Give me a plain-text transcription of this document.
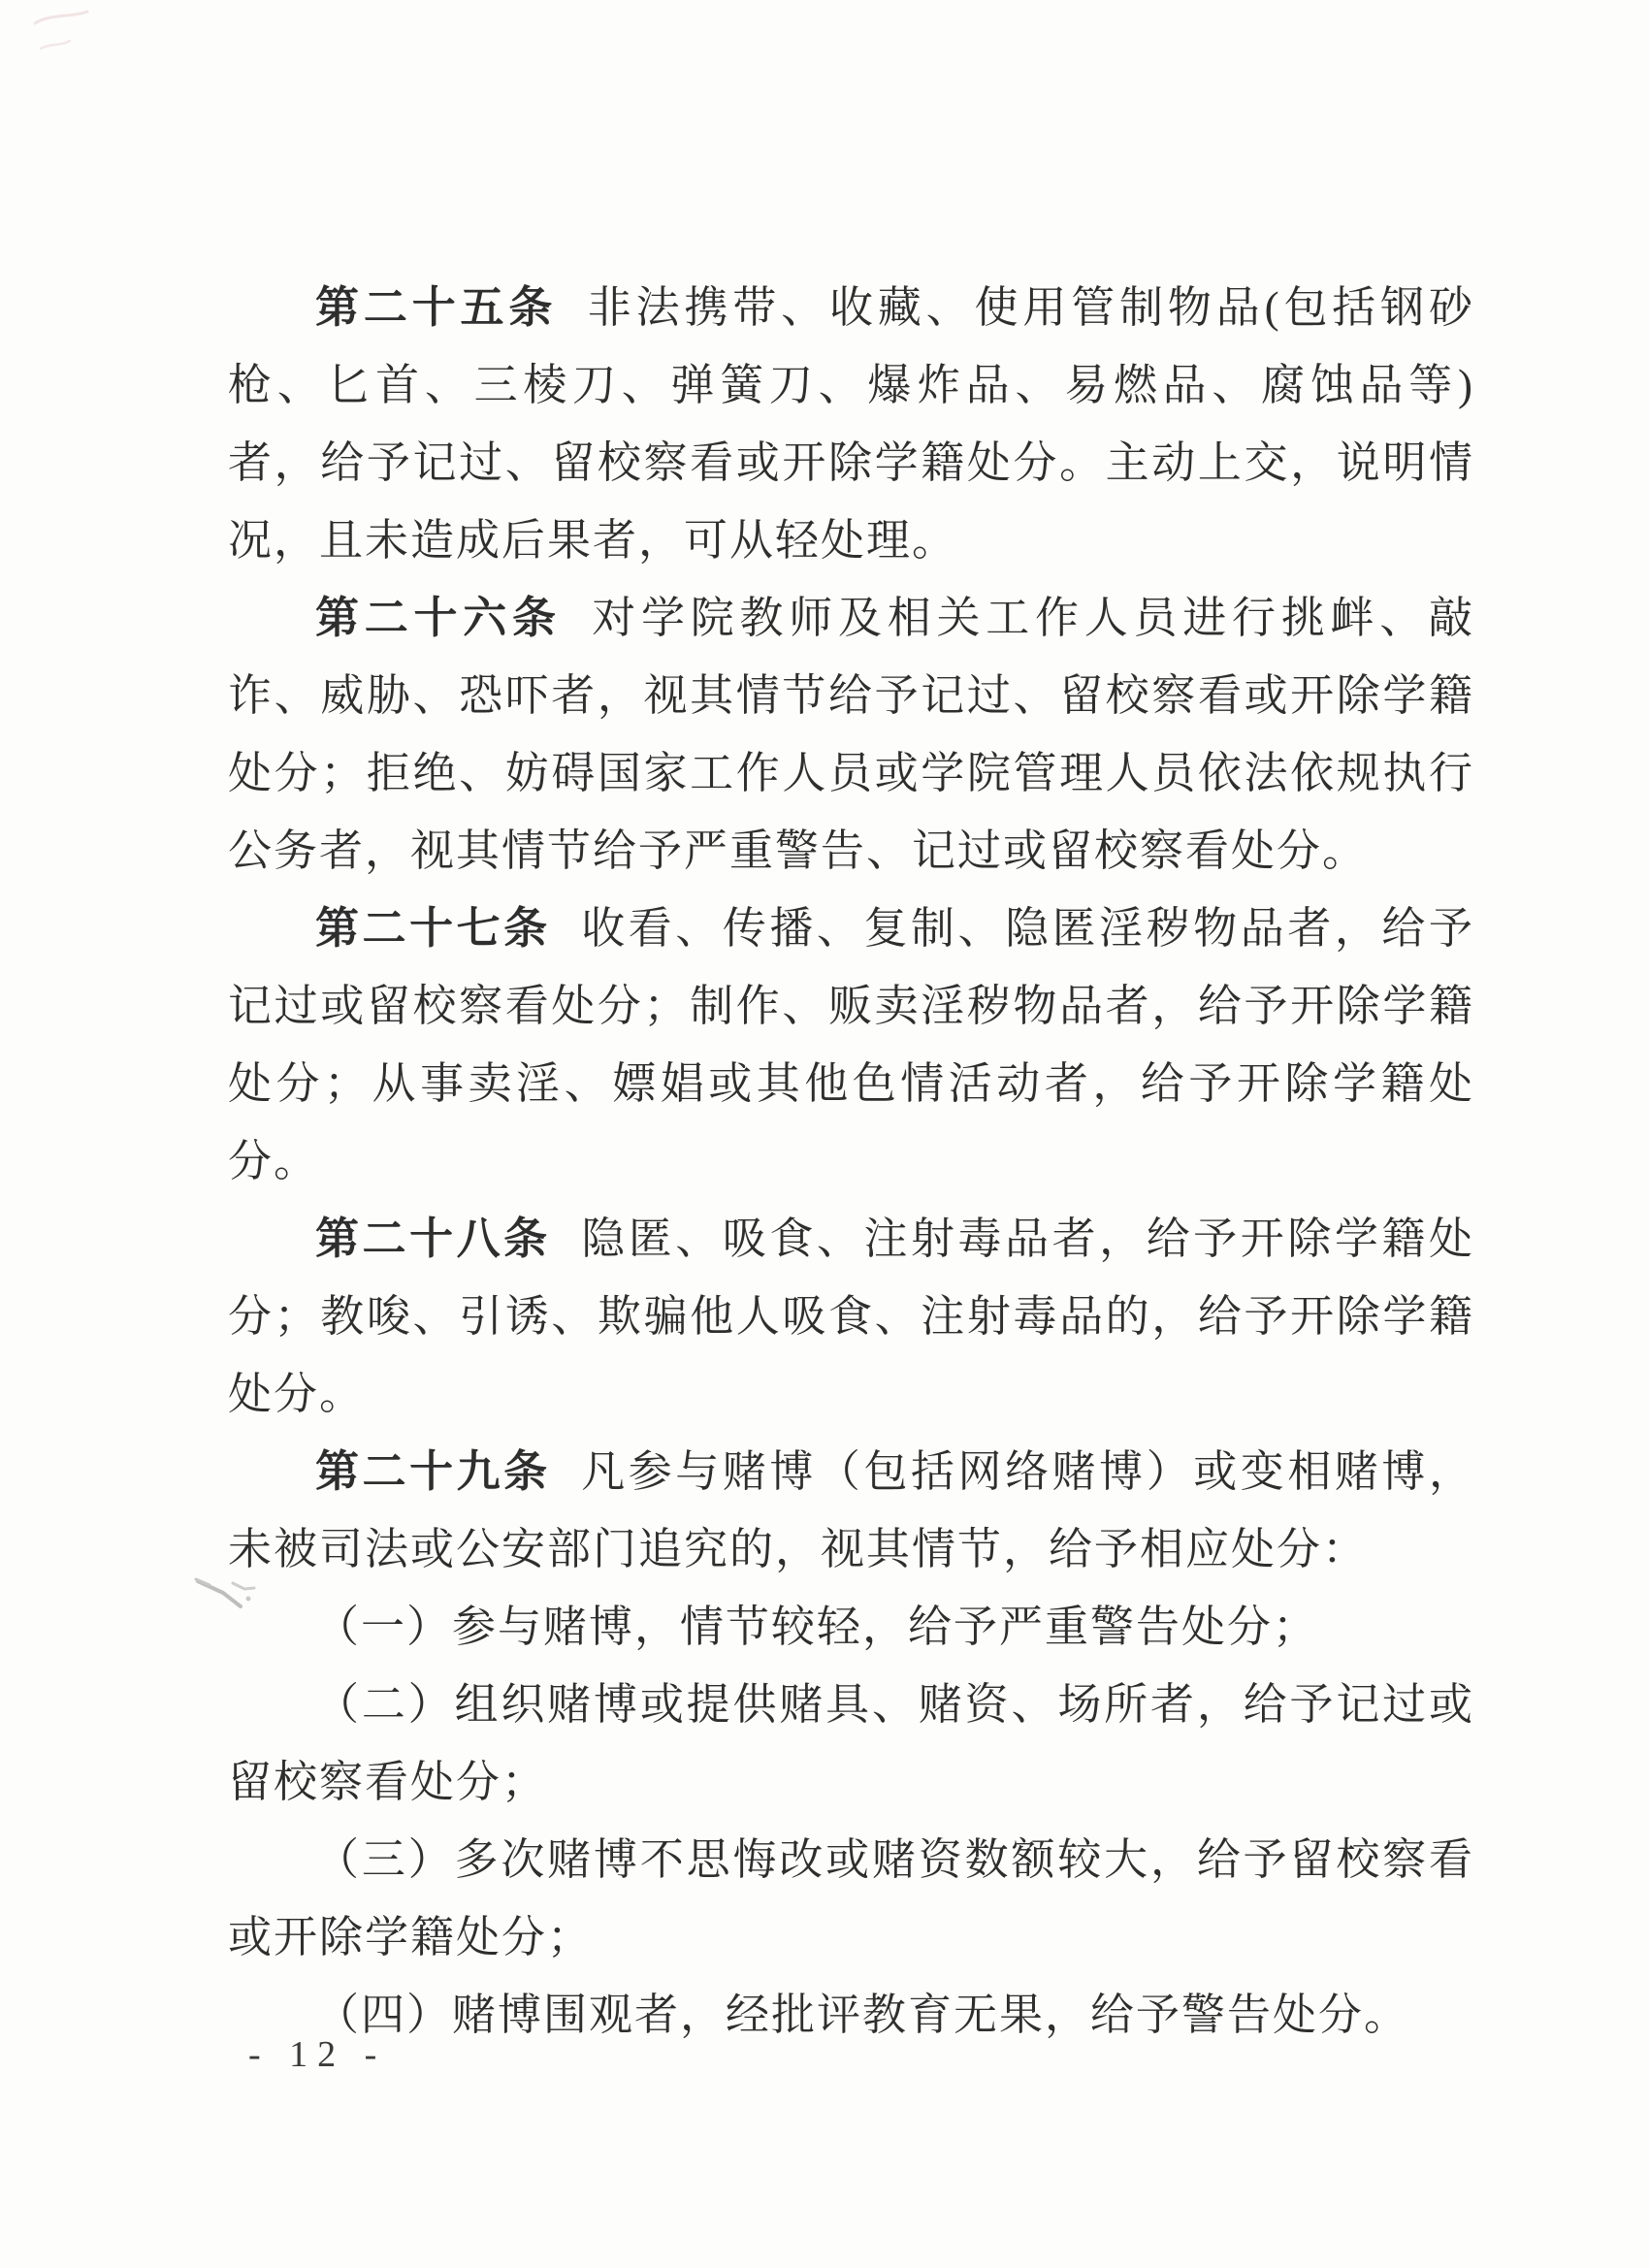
第二十五条 非法携带、收藏、使用管制物品(包括钢砂枪、匕首、三棱刀、弹簧刀、爆炸品、易燃品、腐蚀品等)者，给予记过、留校察看或开除学籍处分。主动上交，说明情况，且未造成后果者，可从轻处理。

第二十六条 对学院教师及相关工作人员进行挑衅、敲诈、威胁、恐吓者，视其情节给予记过、留校察看或开除学籍处分；拒绝、妨碍国家工作人员或学院管理人员依法依规执行公务者，视其情节给予严重警告、记过或留校察看处分。

第二十七条 收看、传播、复制、隐匿淫秽物品者，给予记过或留校察看处分；制作、贩卖淫秽物品者，给予开除学籍处分；从事卖淫、嫖娼或其他色情活动者，给予开除学籍处分。

第二十八条 隐匿、吸食、注射毒品者，给予开除学籍处分；教唆、引诱、欺骗他人吸食、注射毒品的，给予开除学籍处分。

第二十九条 凡参与赌博（包括网络赌博）或变相赌博，未被司法或公安部门追究的，视其情节，给予相应处分：

（一）参与赌博，情节较轻，给予严重警告处分；

（二）组织赌博或提供赌具、赌资、场所者，给予记过或留校察看处分；

（三）多次赌博不思悔改或赌资数额较大，给予留校察看或开除学籍处分；

（四）赌博围观者，经批评教育无果，给予警告处分。

- 12 -
